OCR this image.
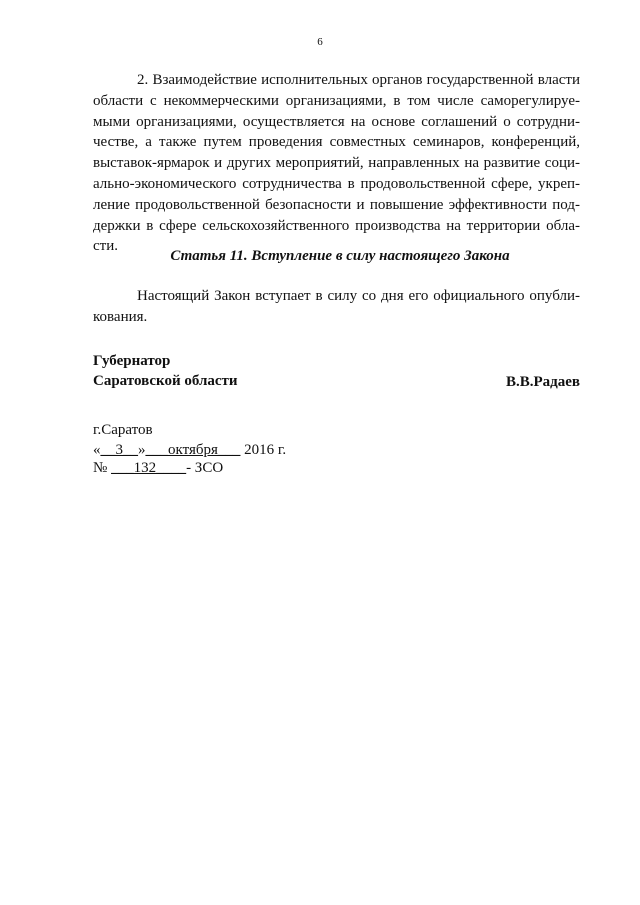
6
2. Взаимодействие исполнительных органов государственной власти
области с некоммерческими организациями, в том числе саморегулируе-
мыми организациями, осуществляется на основе соглашений о сотрудни-
честве, а также путем проведения совместных семинаров, конференций,
выставок-ярмарок и других мероприятий, направленных на развитие соци-
ально-экономического сотрудничества в продовольственной сфере, укреп-
ление продовольственной безопасности и повышение эффективности под-
держки в сфере сельскохозяйственного производства на территории обла-
сти.
Статья 11. Вступление в силу настоящего Закона
Настоящий Закон вступает в силу со дня его официального опубли-
кования.
Губернатор
Саратовской области	В.В.Радаев
г.Саратов
«__3__»___октября___ 2016 г.
№ ___132____- ЗСО
